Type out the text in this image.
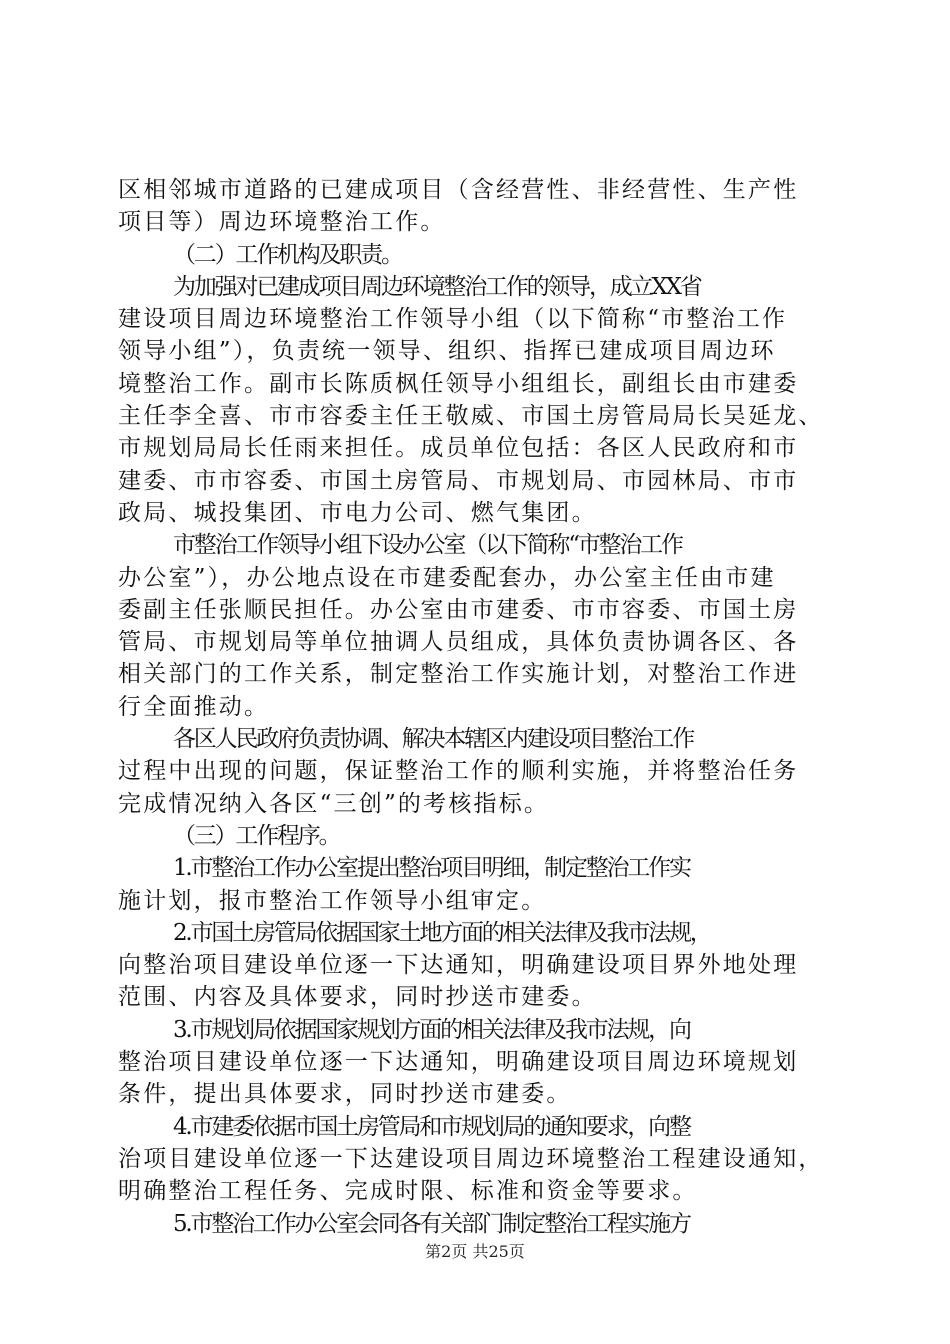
区相邻城市道路的已建成项目（含经营性、非经营性、生产性
项目等）周边环境整治工作。
（二）工作机构及职责。
为加强对已建成项目周边环境整治工作的领导，成立XX省
建设项目周边环境整治工作领导小组（以下简称“市整治工作
领导小组”），负责统一领导、组织、指挥已建成项目周边环
境整治工作。副市长陈质枫任领导小组组长，副组长由市建委
主任李全喜、市市容委主任王敬威、市国土房管局局长吴延龙、
市规划局局长任雨来担任。成员单位包括：各区人民政府和市
建委、市市容委、市国土房管局、市规划局、市园林局、市市
政局、城投集团、市电力公司、燃气集团。
市整治工作领导小组下设办公室（以下简称“市整治工作
办公室”），办公地点设在市建委配套办，办公室主任由市建
委副主任张顺民担任。办公室由市建委、市市容委、市国土房
管局、市规划局等单位抽调人员组成，具体负责协调各区、各
相关部门的工作关系，制定整治工作实施计划，对整治工作进
行全面推动。
各区人民政府负责协调、解决本辖区内建设项目整治工作
过程中出现的问题，保证整治工作的顺利实施，并将整治任务
完成情况纳入各区“三创”的考核指标。
（三）工作程序。
1.市整治工作办公室提出整治项目明细，制定整治工作实
施计划，报市整治工作领导小组审定。
2.市国土房管局依据国家土地方面的相关法律及我市法规，
向整治项目建设单位逐一下达通知，明确建设项目界外地处理
范围、内容及具体要求，同时抄送市建委。
3.市规划局依据国家规划方面的相关法律及我市法规，向
整治项目建设单位逐一下达通知，明确建设项目周边环境规划
条件，提出具体要求，同时抄送市建委。
4.市建委依据市国土房管局和市规划局的通知要求，向整
治项目建设单位逐一下达建设项目周边环境整治工程建设通知，
明确整治工程任务、完成时限、标准和资金等要求。
5.市整治工作办公室会同各有关部门制定整治工程实施方
第2页 共25页
